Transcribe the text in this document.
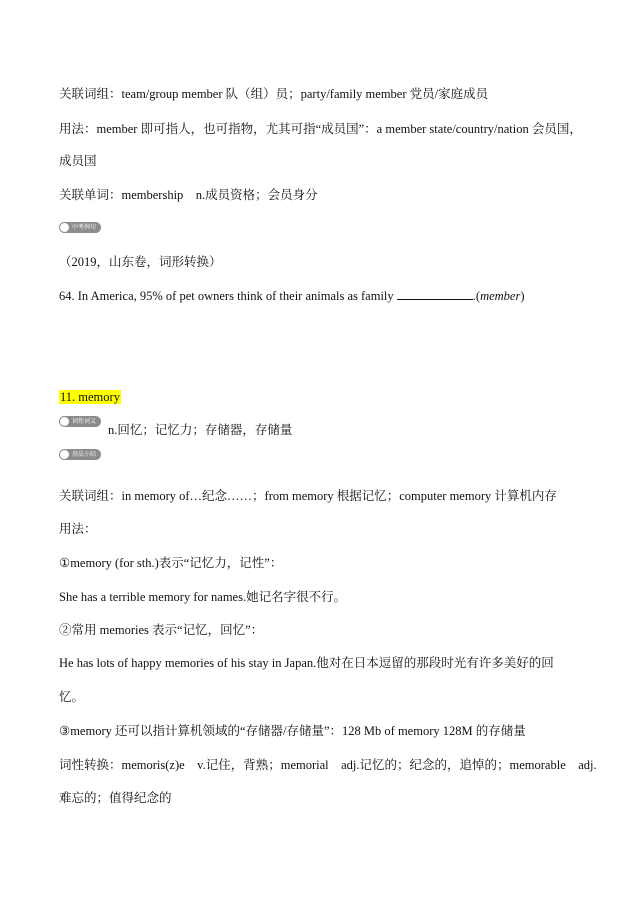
关联词组：team/group member 队（组）员；party/family member 党员/家庭成员
用法：member 即可指人，也可指物，尤其可指“成员国”：a member state/country/nation 会员国，
成员国
关联单词：membership　n.成员资格；会员身分
中考例句
（2019，山东卷，词形转换）
64. In America, 95% of pet owners think of their animals as family	.(member)
11. memory
词性词义
n.回忆；记忆力；存储器，存储量
用法小结
关联词组：in memory of…纪念……；from memory 根据记忆；computer memory 计算机内存
用法：
①memory (for sth.)表示“记忆力，记性”：
She has a terrible memory for names.她记名字很不行。
②常用 memories 表示“记忆，回忆”：
He has lots of happy memories of his stay in Japan.他对在日本逗留的那段时光有许多美好的回
忆。
③memory 还可以指计算机领域的“存储器/存储量”：128 Mb of memory 128M 的存储量
词性转换：memoris(z)e　v.记住，背熟；memorial　adj.记忆的；纪念的，追悼的；memorable　adj.
难忘的；值得纪念的
